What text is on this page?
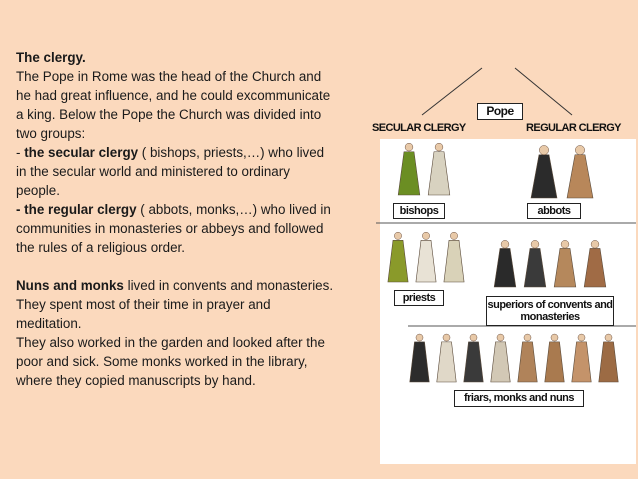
The clergy.

The Pope in Rome was the head of the Church and he had great influence, and he could excommunicate a king. Below the Pope the Church was divided into two groups:

- the secular clergy ( bishops, priests,…) who lived in the secular world and ministered to ordinary people.

- the regular clergy ( abbots, monks,…) who lived in communities in monasteries or abbeys and followed the rules of a religious order.

Nuns and monks lived in convents and monasteries. They spent most of their time in prayer and meditation.

They also worked in the garden and looked after the poor and sick. Some monks worked in the library, where they copied manuscripts by hand.

Pope
SECULAR CLERGY	REGULAR CLERGY
bishops	abbots
priests
superiors of convents and monasteries
friars, monks and nuns
